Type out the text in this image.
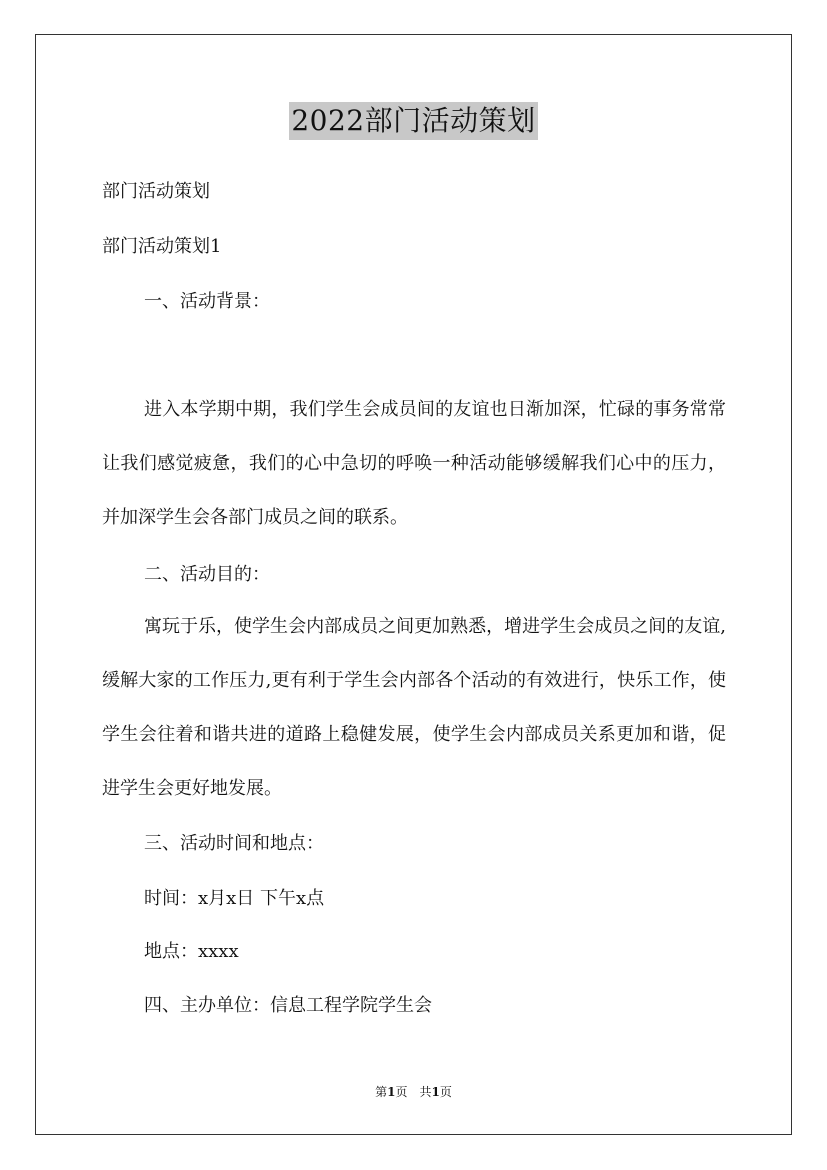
2022部门活动策划
部门活动策划
部门活动策划1
一、活动背景：
进入本学期中期，我们学生会成员间的友谊也日渐加深，忙碌的事务常常让我们感觉疲惫，我们的心中急切的呼唤一种活动能够缓解我们心中的压力，并加深学生会各部门成员之间的联系。
二、活动目的：
寓玩于乐，使学生会内部成员之间更加熟悉，增进学生会成员之间的友谊,缓解大家的工作压力,更有利于学生会内部各个活动的有效进行，快乐工作，使学生会往着和谐共进的道路上稳健发展，使学生会内部成员关系更加和谐，促进学生会更好地发展。
三、活动时间和地点：
时间：x月x日 下午x点
地点：xxxx
四、主办单位：信息工程学院学生会
第1页　共1页
